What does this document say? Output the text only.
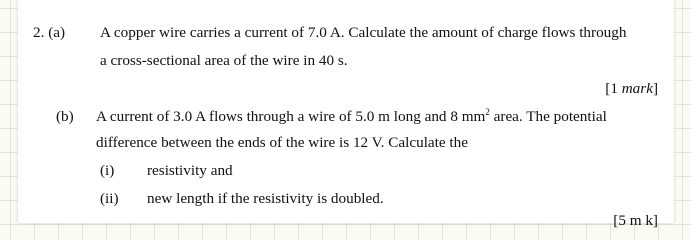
2. (a) A copper wire carries a current of 7.0 A. Calculate the amount of charge flows through
a cross-sectional area of the wire in 40 s.
[1 mark]
(b) A current of 3.0 A flows through a wire of 5.0 m long and 8 $mm^2$ area. The potential
difference between the ends of the wire is 12 V. Calculate the
(i) resistivity and
(ii) new length if the resistivity is doubled.
[5 m k]
